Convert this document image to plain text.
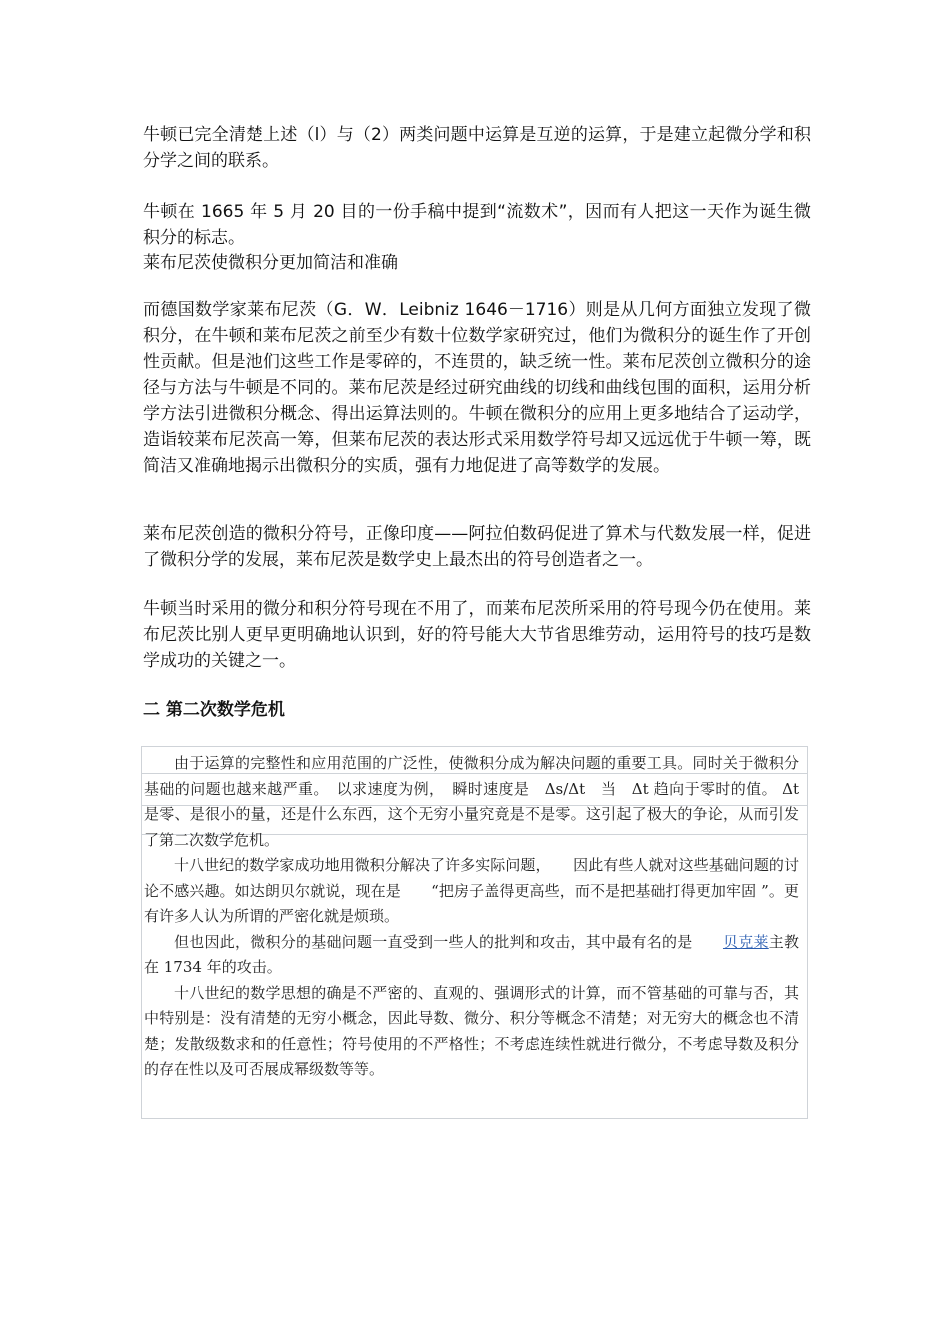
牛顿已完全清楚上述（l）与（2）两类问题中运算是互逆的运算，于是建立起微分学和积分学之间的联系。

牛顿在 1665 年 5 月 20 目的一份手稿中提到“流数术”，因而有人把这一天作为诞生微积分的标志。

莱布尼茨使微积分更加简洁和准确

而德国数学家莱布尼茨（G．W．Leibniz 1646－1716）则是从几何方面独立发现了微积分，在牛顿和莱布尼茨之前至少有数十位数学家研究过，他们为微积分的诞生作了开创性贡献。但是池们这些工作是零碎的，不连贯的，缺乏统一性。莱布尼茨创立微积分的途径与方法与牛顿是不同的。莱布尼茨是经过研究曲线的切线和曲线包围的面积，运用分析学方法引进微积分概念、得出运算法则的。牛顿在微积分的应用上更多地结合了运动学，造诣较莱布尼茨高一筹，但莱布尼茨的表达形式采用数学符号却又远远优于牛顿一筹，既简洁又准确地揭示出微积分的实质，强有力地促进了高等数学的发展。

莱布尼茨创造的微积分符号，正像印度——阿拉伯数码促进了算术与代数发展一样，促进了微积分学的发展，莱布尼茨是数学史上最杰出的符号创造者之一。

牛顿当时采用的微分和积分符号现在不用了，而莱布尼茨所采用的符号现今仍在使用。莱布尼茨比别人更早更明确地认识到，好的符号能大大节省思维劳动，运用符号的技巧是数学成功的关键之一。

二 第二次数学危机

由于运算的完整性和应用范围的广泛性，使微积分成为解决问题的重要工具。同时关于微积分基础的问题也越来越严重。　以求速度为例，　瞬时速度是　Δs/Δt　当　Δt 趋向于零时的值。 Δt 是零、是很小的量，还是什么东西，这个无穷小量究竟是不是零。这引起了极大的争论，从而引发了第二次数学危机。

十八世纪的数学家成功地用微积分解决了许多实际问题，　　因此有些人就对这些基础问题的讨论不感兴趣。如达朗贝尔就说，现在是　　“把房子盖得更高些，而不是把基础打得更加牢固 ”。更有许多人认为所谓的严密化就是烦琐。

但也因此，微积分的基础问题一直受到一些人的批判和攻击，其中最有名的是　　贝克莱主教在 1734 年的攻击。

十八世纪的数学思想的确是不严密的、直观的、强调形式的计算，而不管基础的可靠与否，其中特别是：没有清楚的无穷小概念，因此导数、微分、积分等概念不清楚；对无穷大的概念也不清楚；发散级数求和的任意性；符号使用的不严格性；不考虑连续性就进行微分，不考虑导数及积分的存在性以及可否展成幂级数等等。
